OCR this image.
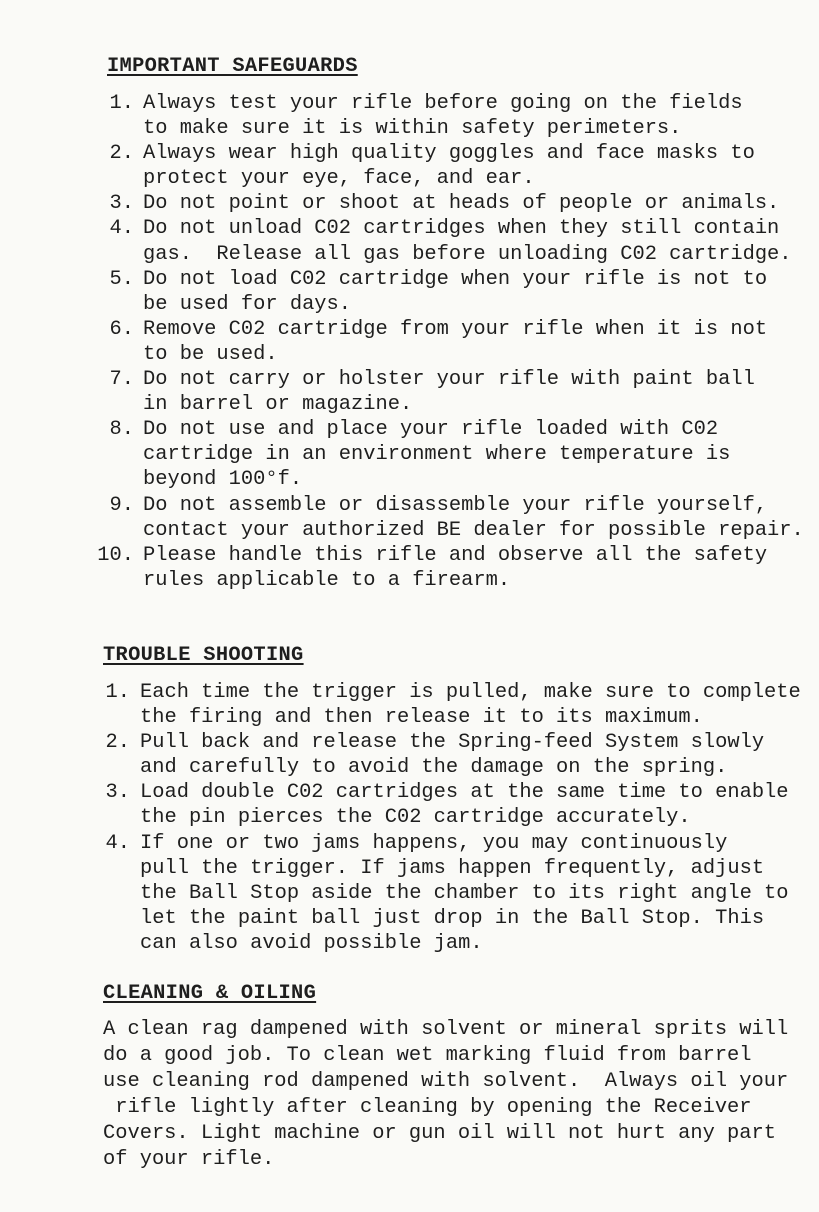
IMPORTANT SAFEGUARDS
1. Always test your rifle before going on the fields
to make sure it is within safety perimeters.
2. Always wear high quality goggles and face masks to
protect your eye, face, and ear.
3. Do not point or shoot at heads of people or animals.
4. Do not unload C02 cartridges when they still contain
gas.  Release all gas before unloading C02 cartridge.
5. Do not load C02 cartridge when your rifle is not to
be used for days.
6. Remove C02 cartridge from your rifle when it is not
to be used.
7. Do not carry or holster your rifle with paint ball
in barrel or magazine.
8. Do not use and place your rifle loaded with C02
cartridge in an environment where temperature is
beyond 100°f.
9. Do not assemble or disassemble your rifle yourself,
contact your authorized BE dealer for possible repair.
10. Please handle this rifle and observe all the safety
rules applicable to a firearm.
TROUBLE SHOOTING
1. Each time the trigger is pulled, make sure to complete
the firing and then release it to its maximum.
2. Pull back and release the Spring-feed System slowly
and carefully to avoid the damage on the spring.
3. Load double C02 cartridges at the same time to enable
the pin pierces the C02 cartridge accurately.
4. If one or two jams happens, you may continuously
pull the trigger. If jams happen frequently, adjust
the Ball Stop aside the chamber to its right angle to
let the paint ball just drop in the Ball Stop. This
can also avoid possible jam.
CLEANING & OILING
A clean rag dampened with solvent or mineral sprits will
do a good job. To clean wet marking fluid from barrel
use cleaning rod dampened with solvent.  Always oil your
rifle lightly after cleaning by opening the Receiver
Covers. Light machine or gun oil will not hurt any part
of your rifle.
